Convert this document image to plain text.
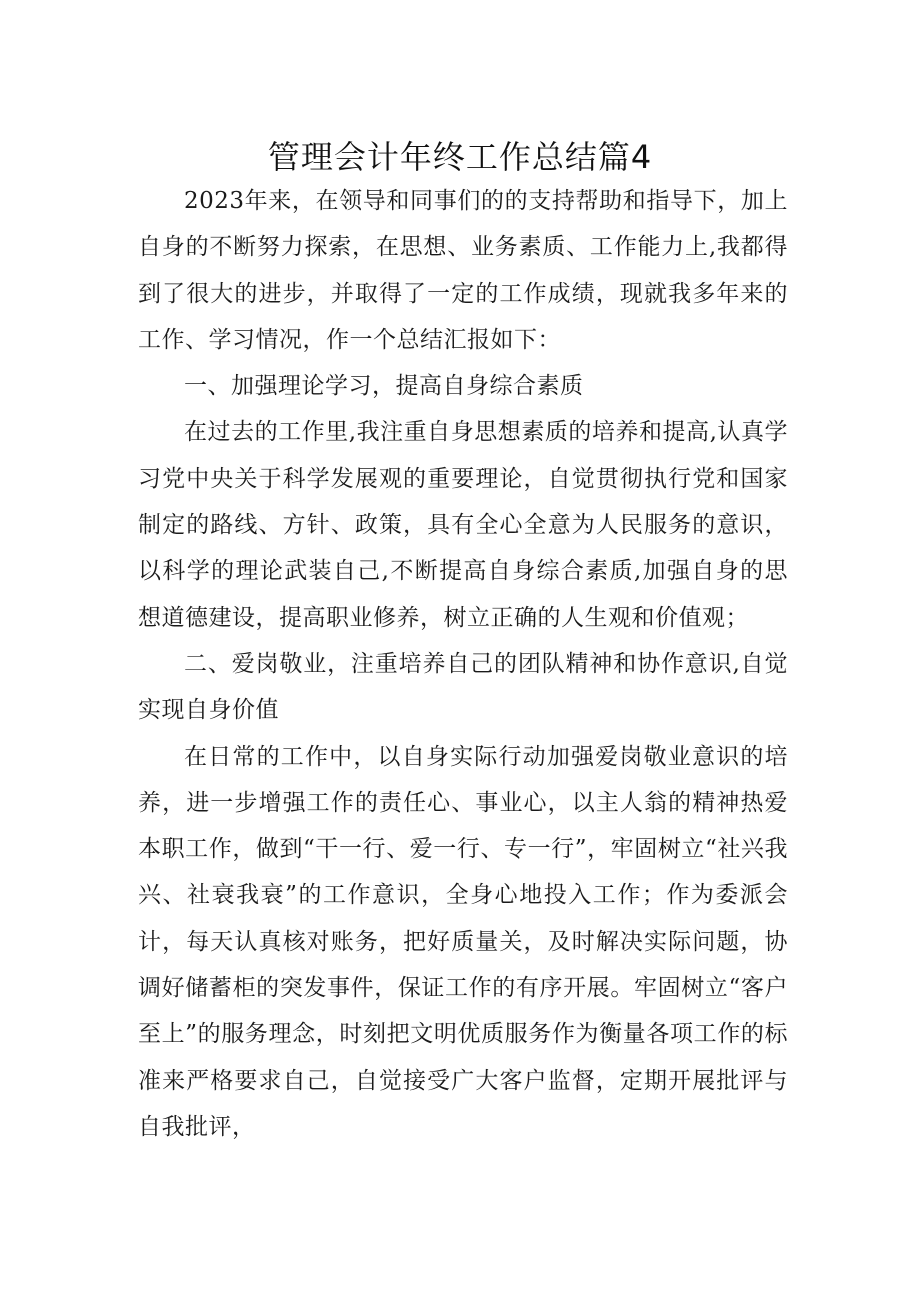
管理会计年终工作总结篇4

2023年来，在领导和同事们的的支持帮助和指导下，加上自身的不断努力探索，在思想、业务素质、工作能力上,我都得到了很大的进步，并取得了一定的工作成绩，现就我多年来的工作、学习情况，作一个总结汇报如下：

一、加强理论学习，提高自身综合素质

在过去的工作里,我注重自身思想素质的培养和提高,认真学习党中央关于科学发展观的重要理论，自觉贯彻执行党和国家制定的路线、方针、政策，具有全心全意为人民服务的意识，以科学的理论武装自己,不断提高自身综合素质,加强自身的思想道德建设，提高职业修养，树立正确的人生观和价值观；

二、爱岗敬业，注重培养自己的团队精神和协作意识,自觉实现自身价值

在日常的工作中，以自身实际行动加强爱岗敬业意识的培养，进一步增强工作的责任心、事业心，以主人翁的精神热爱本职工作，做到“干一行、爱一行、专一行”，牢固树立“社兴我兴、社衰我衰”的工作意识，全身心地投入工作；作为委派会计，每天认真核对账务，把好质量关，及时解决实际问题，协调好储蓄柜的突发事件，保证工作的有序开展。牢固树立“客户至上”的服务理念，时刻把文明优质服务作为衡量各项工作的标准来严格要求自己，自觉接受广大客户监督，定期开展批评与自我批评，
